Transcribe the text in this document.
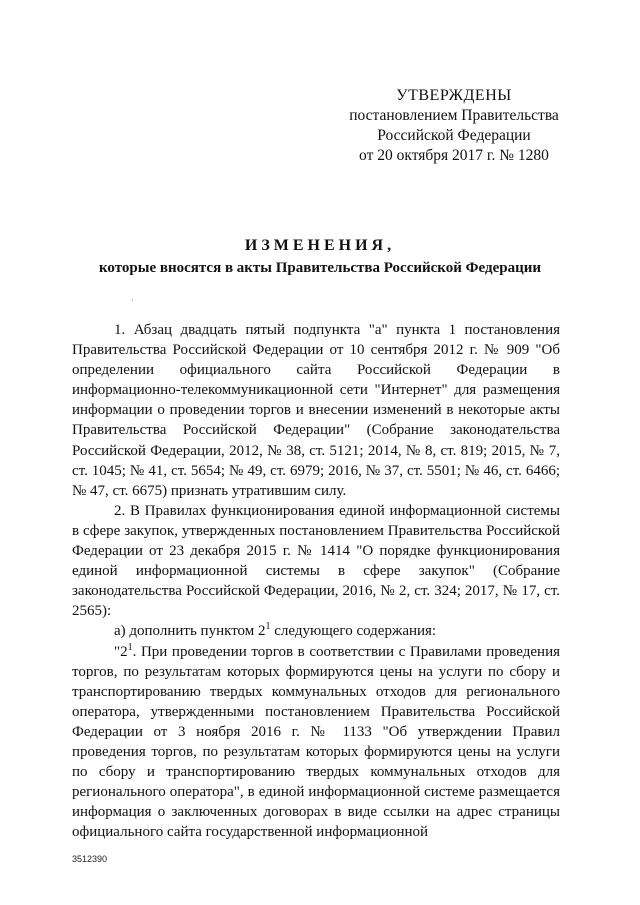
УТВЕРЖДЕНЫ
постановлением Правительства
Российской Федерации
от 20 октября 2017 г. № 1280
ИЗМЕНЕНИЯ,
которые вносятся в акты Правительства Российской Федерации
·

1. Абзац двадцать пятый подпункта "а" пункта 1 постановления Правительства Российской Федерации от 10 сентября 2012 г. № 909 "Об определении официального сайта Российской Федерации в информационно-телекоммуникационной сети "Интернет" для размещения информации о проведении торгов и внесении изменений в некоторые акты Правительства Российской Федерации" (Собрание законодательства Российской Федерации, 2012, № 38, ст. 5121; 2014, № 8, ст. 819; 2015, № 7, ст. 1045; № 41, ст. 5654; № 49, ст. 6979; 2016, № 37, ст. 5501; № 46, ст. 6466; № 47, ст. 6675) признать утратившим силу.

2. В Правилах функционирования единой информационной системы в сфере закупок, утвержденных постановлением Правительства Российской Федерации от 23 декабря 2015 г. № 1414 "О порядке функционирования единой информационной системы в сфере закупок" (Собрание законодательства Российской Федерации, 2016, № 2, ст. 324; 2017, № 17, ст. 2565):

а) дополнить пунктом $2^1$ следующего содержания:

"$2^1$. При проведении торгов в соответствии с Правилами проведения торгов, по результатам которых формируются цены на услуги по сбору и транспортированию твердых коммунальных отходов для регионального оператора, утвержденными постановлением Правительства Российской Федерации от 3 ноября 2016 г. № 1133 "Об утверждении Правил проведения торгов, по результатам которых формируются цены на услуги по сбору и транспортированию твердых коммунальных отходов для регионального оператора", в единой информационной системе размещается информация о заключенных договорах в виде ссылки на адрес страницы официального сайта государственной информационной

3512390
